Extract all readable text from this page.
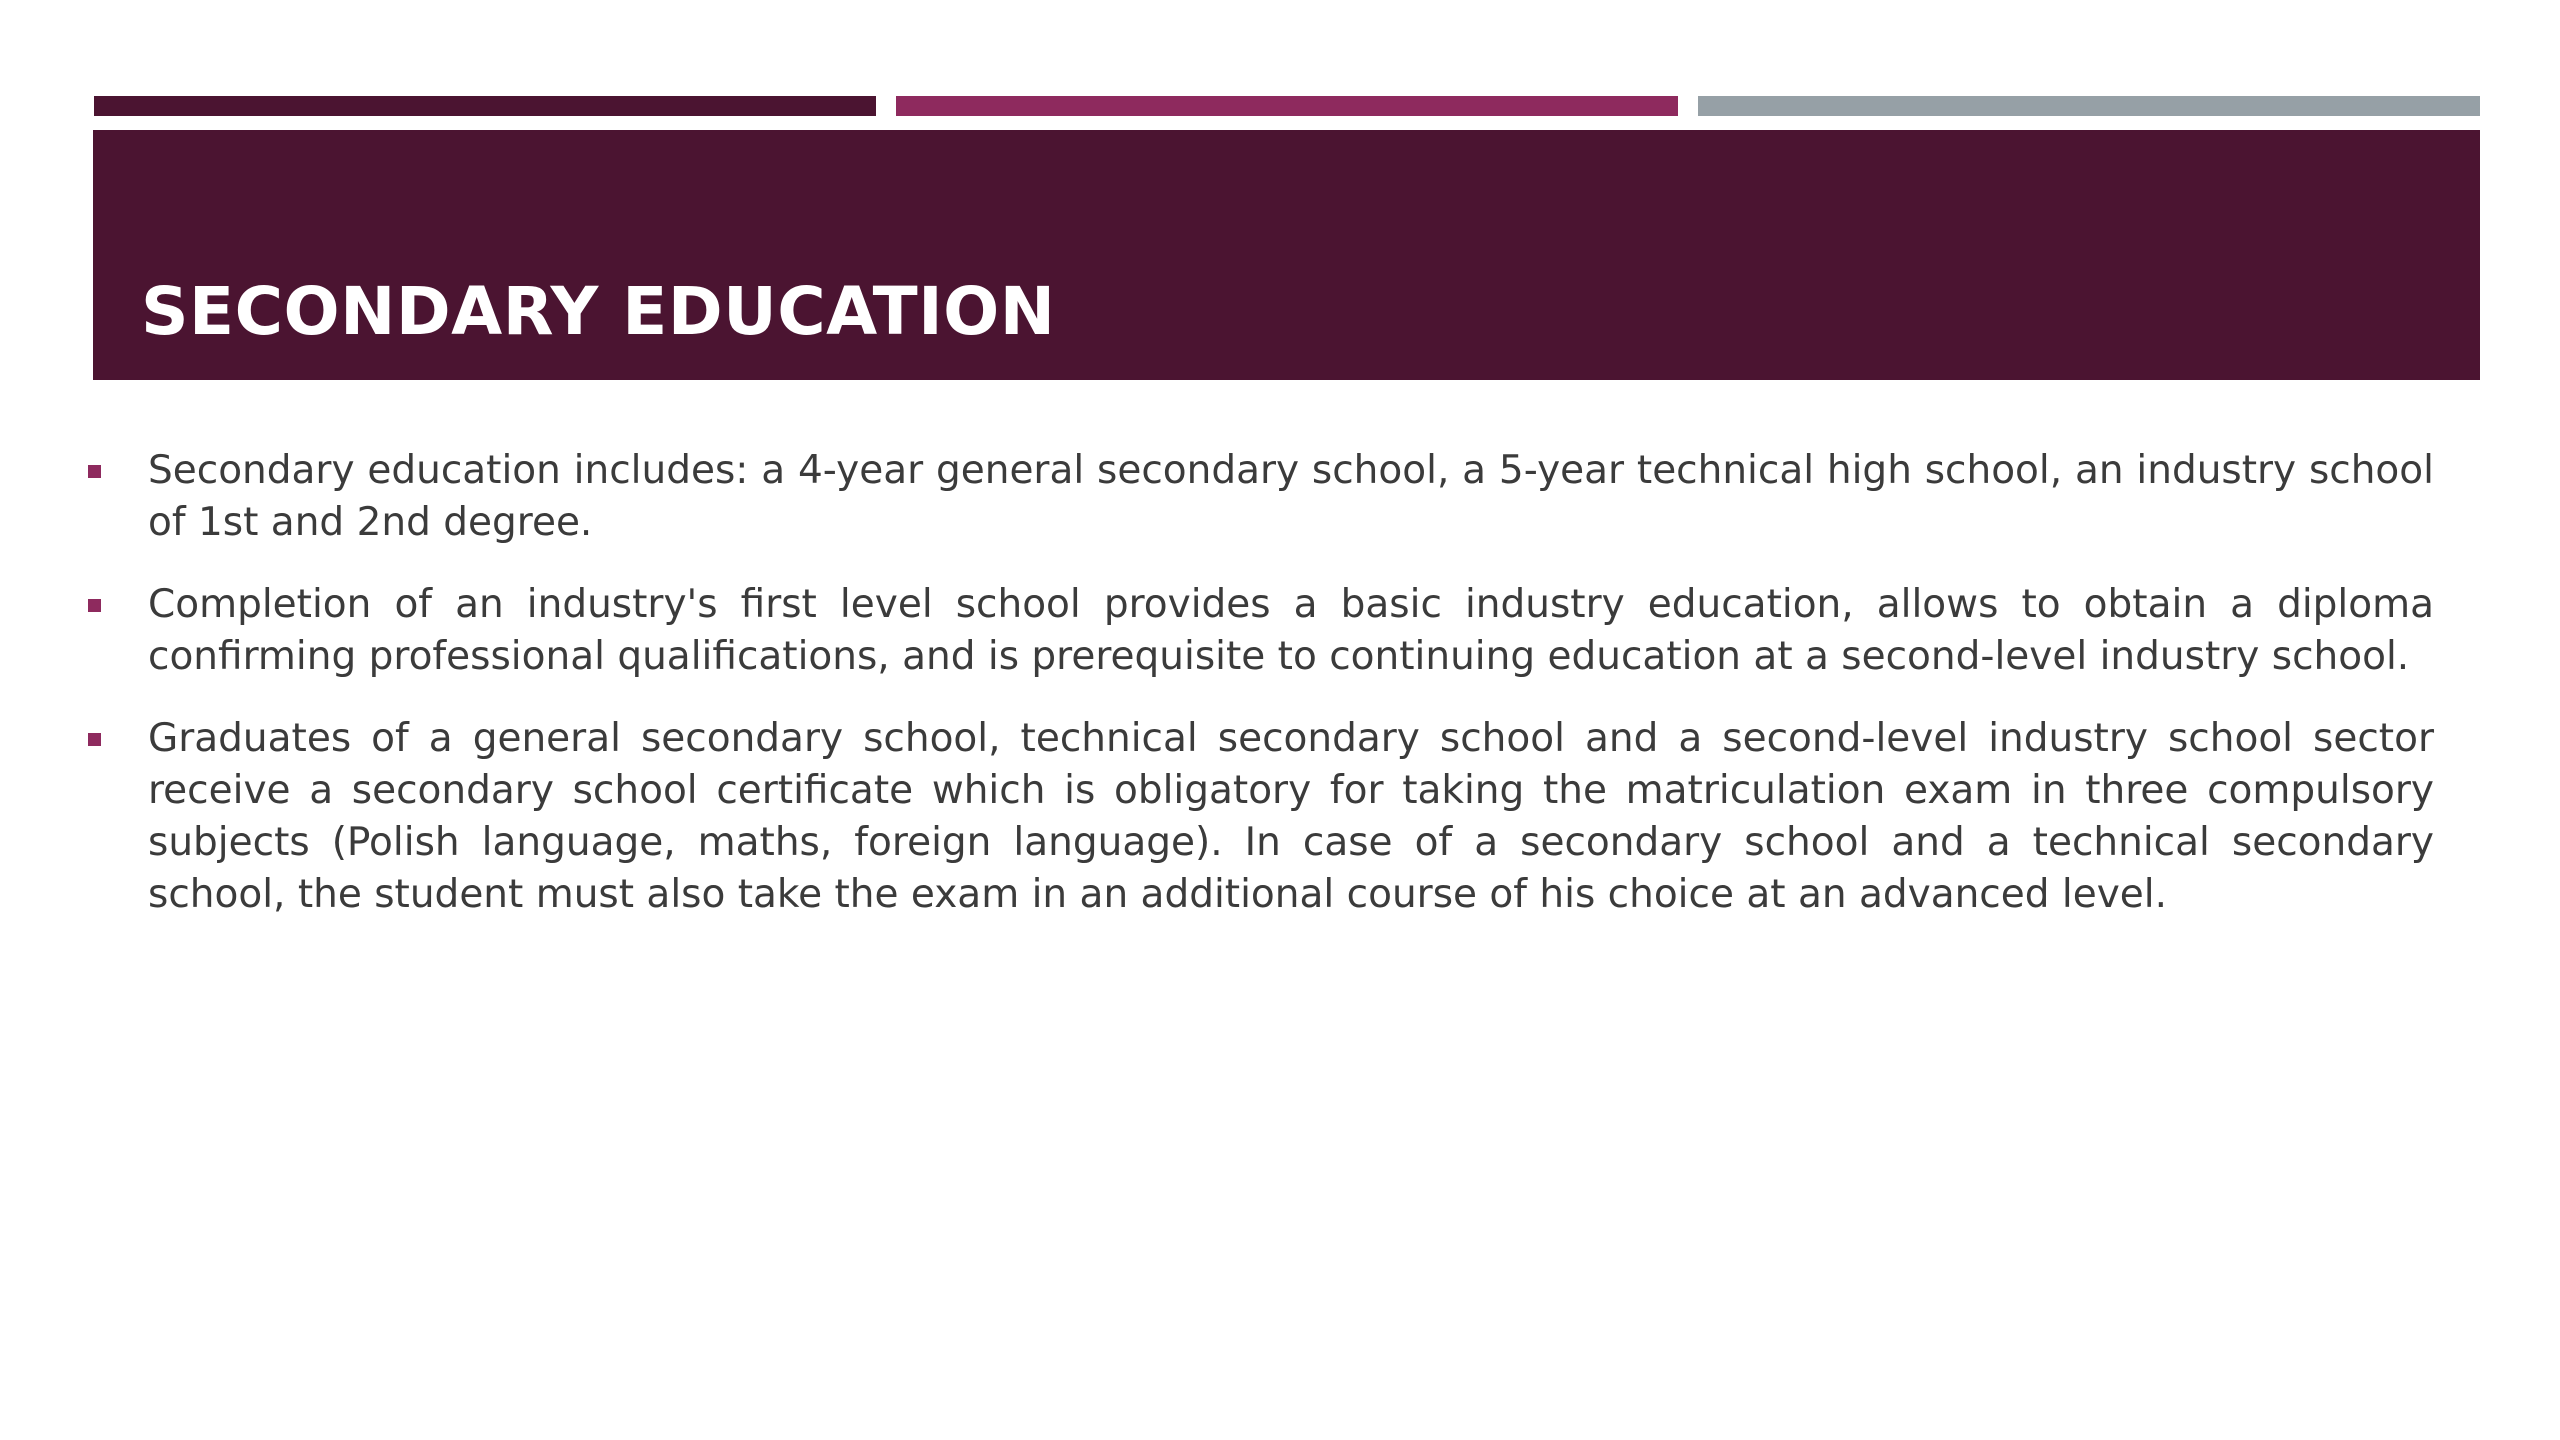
SECONDARY EDUCATION
Secondary education includes: a 4-year general secondary school, a 5-year technical high school, an industry school of 1st and 2nd degree.
Completion of an industry's first level school provides a basic industry education, allows to obtain a diploma confirming professional qualifications, and is prerequisite to continuing education at a second-level industry school.
Graduates of a general secondary school, technical secondary school and a second-level industry school sector receive a secondary school certificate which is obligatory for taking the matriculation exam in three compulsory subjects (Polish language, maths, foreign language). In case of a secondary school and a technical secondary school, the student must also take the exam in an additional course of his choice at an advanced level.
